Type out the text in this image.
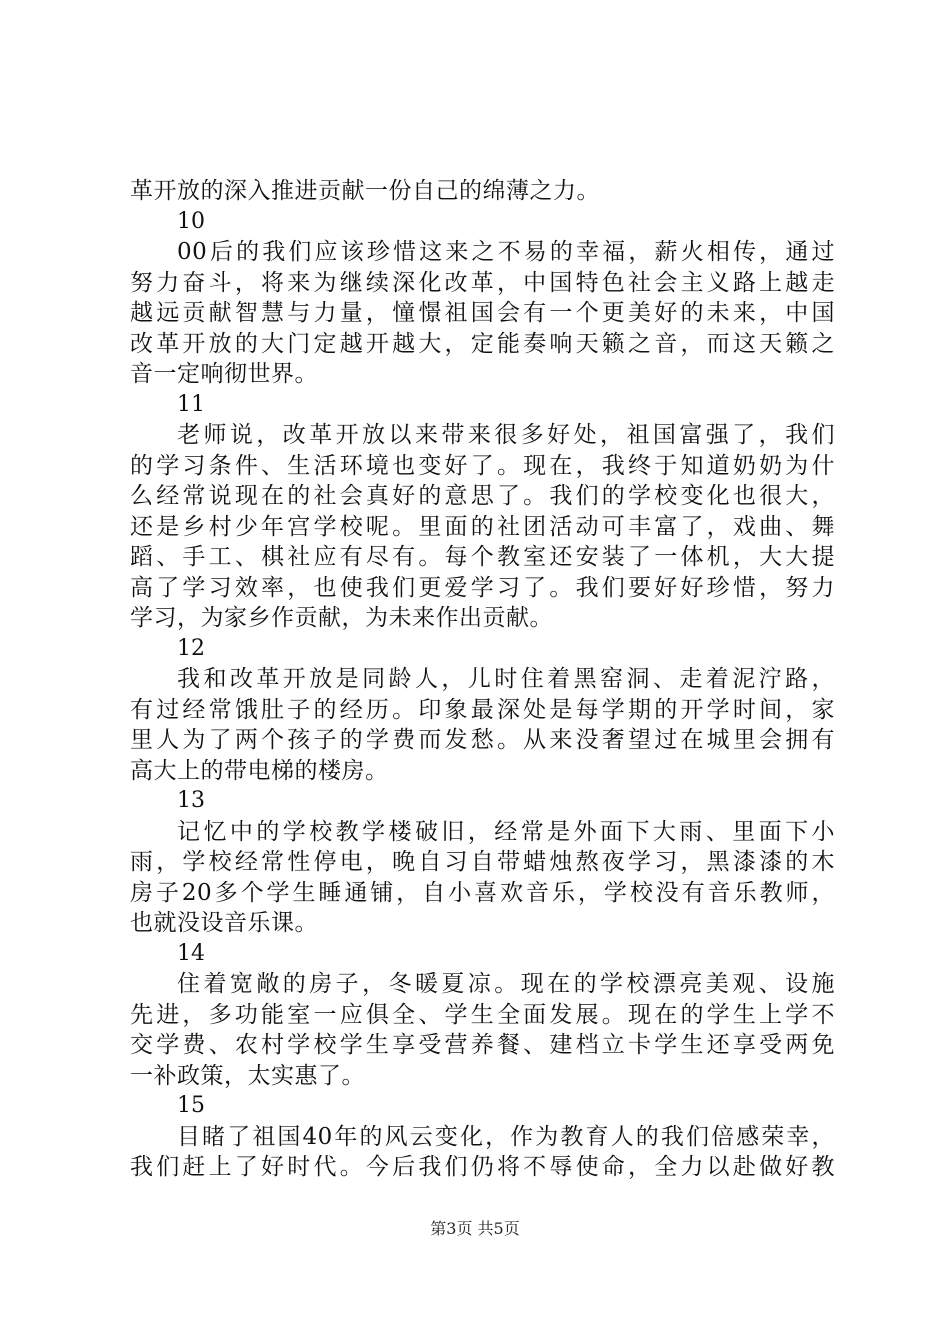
革开放的深入推进贡献一份自己的绵薄之力。
10
00后的我们应该珍惜这来之不易的幸福，薪火相传，通过
努力奋斗，将来为继续深化改革，中国特色社会主义路上越走
越远贡献智慧与力量，憧憬祖国会有一个更美好的未来，中国
改革开放的大门定越开越大，定能奏响天籁之音，而这天籁之
音一定响彻世界。
11
老师说，改革开放以来带来很多好处，祖国富强了，我们
的学习条件、生活环境也变好了。现在，我终于知道奶奶为什
么经常说现在的社会真好的意思了。我们的学校变化也很大，
还是乡村少年宫学校呢。里面的社团活动可丰富了，戏曲、舞
蹈、手工、棋社应有尽有。每个教室还安装了一体机，大大提
高了学习效率，也使我们更爱学习了。我们要好好珍惜，努力
学习，为家乡作贡献，为未来作出贡献。
12
我和改革开放是同龄人，儿时住着黑窑洞、走着泥泞路，
有过经常饿肚子的经历。印象最深处是每学期的开学时间，家
里人为了两个孩子的学费而发愁。从来没奢望过在城里会拥有
高大上的带电梯的楼房。
13
记忆中的学校教学楼破旧，经常是外面下大雨、里面下小
雨，学校经常性停电，晚自习自带蜡烛熬夜学习，黑漆漆的木
房子20多个学生睡通铺，自小喜欢音乐，学校没有音乐教师，
也就没设音乐课。
14
住着宽敞的房子，冬暖夏凉。现在的学校漂亮美观、设施
先进，多功能室一应俱全、学生全面发展。现在的学生上学不
交学费、农村学校学生享受营养餐、建档立卡学生还享受两免
一补政策，太实惠了。
15
目睹了祖国40年的风云变化，作为教育人的我们倍感荣幸，
我们赶上了好时代。今后我们仍将不辱使命，全力以赴做好教
第3页 共5页
